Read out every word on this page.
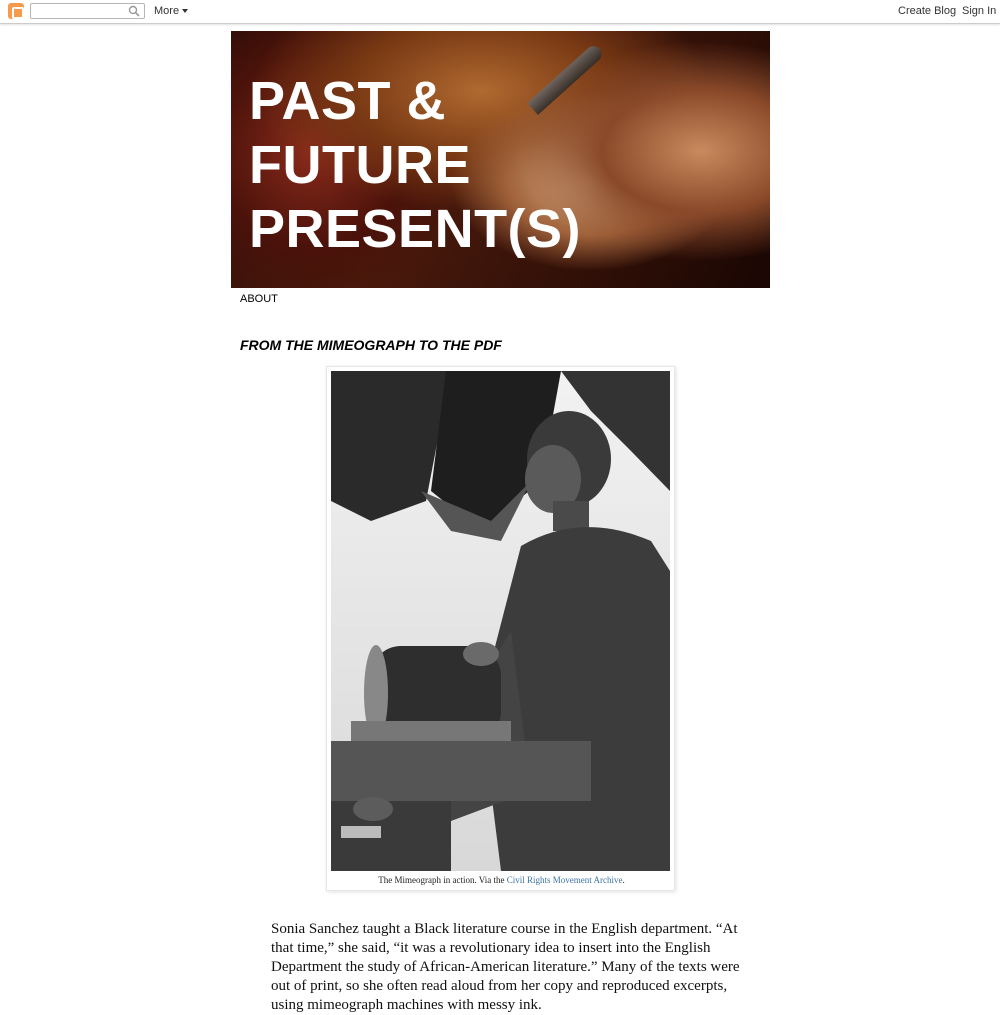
More	Create Blog Sign In
PAST &
FUTURE
PRESENT(S)
ABOUT
FROM THE MIMEOGRAPH TO THE PDF
The Mimeograph in action. Via the Civil Rights Movement Archive.

Sonia Sanchez taught a Black literature course in the English department. “At that time,” she said, “it was a revolutionary idea to insert into the English Department the study of African-American literature.” Many of the texts were out of print, so she often read aloud from her copy and reproduced excerpts, using mimeograph machines with messy ink.
